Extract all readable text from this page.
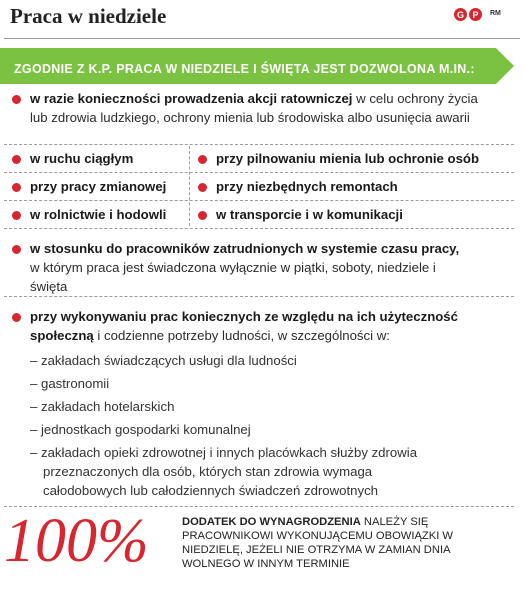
Praca w niedziele	G P	RM
ZGODNIE Z K.P. PRACA W NIEDZIELE I ŚWIĘTA JEST DOZWOLONA M.IN.:
w razie konieczności prowadzenia akcji ratowniczej w celu ochrony życia lub zdrowia ludzkiego, ochrony mienia lub środowiska albo usunięcia awarii
w ruchu ciągłym	przy pilnowaniu mienia lub ochronie osób
przy pracy zmianowej	przy niezbędnych remontach
w rolnictwie i hodowli	w transporcie i w komunikacji
w stosunku do pracowników zatrudnionych w systemie czasu pracy, w którym praca jest świadczona wyłącznie w piątki, soboty, niedziele i święta
przy wykonywaniu prac koniecznych ze względu na ich użyteczność społeczną i codzienne potrzeby ludności, w szczególności w:
– zakładach świadczących usługi dla ludności
– gastronomii
– zakładach hotelarskich
– jednostkach gospodarki komunalnej
– zakładach opieki zdrowotnej i innych placówkach służby zdrowia
przeznaczonych dla osób, których stan zdrowia wymaga
całodobowych lub całodziennych świadczeń zdrowotnych
100%	DODATEK DO WYNAGRODZENIA NALEŻY SIĘ PRACOWNIKOWI WYKONUJĄCEMU OBOWIĄZKI W NIEDZIELĘ, JEŻELI NIE OTRZYMA W ZAMIAN DNIA WOLNEGO W INNYM TERMINIE
